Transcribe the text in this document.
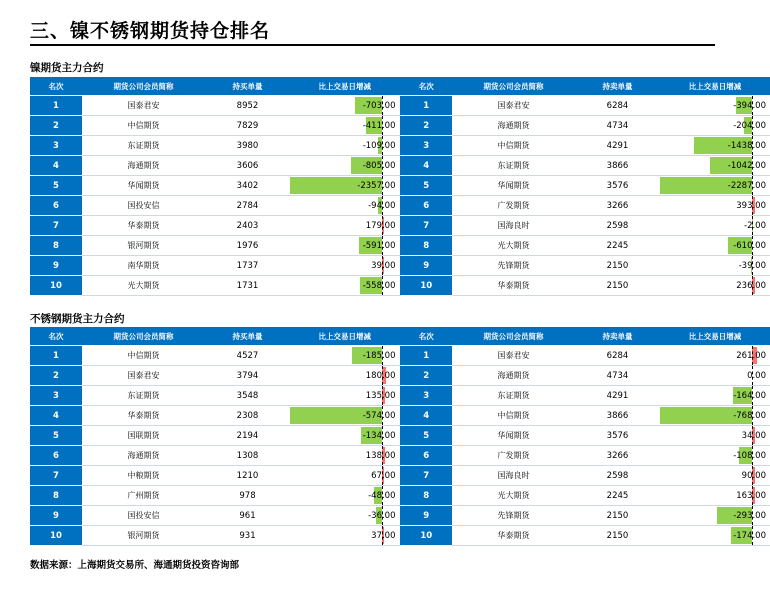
三、镍不锈钢期货持仓排名
镍期货主力合约
名次	期货公司会员简称	持买单量	比上交易日增减	名次	期货公司会员简称	持卖单量	比上交易日增减
1	国泰君安	8952	-703.00	1	国泰君安	6284	-394.00
2	中信期货	7829	-411.00	2	海通期货	4734	-204.00
3	东证期货	3980	-109.00	3	中信期货	4291	-1438.00
4	海通期货	3606	-805.00	4	东证期货	3866	-1042.00
5	华闻期货	3402	-2357.00	5	华闻期货	3576	-2287.00
6	国投安信	2784	-94.00	6	广发期货	3266	393.00
7	华泰期货	2403	179.00	7	国海良时	2598	-2.00
8	银河期货	1976	-591.00	8	光大期货	2245	-610.00
9	南华期货	1737	39.00	9	先锋期货	2150	-39.00
10	光大期货	1731	-558.00	10	华泰期货	2150	236.00
不锈钢期货主力合约
名次	期货公司会员简称	持买单量	比上交易日增减	名次	期货公司会员简称	持卖单量	比上交易日增减
1	中信期货	4527	-185.00	1	国泰君安	6284	261.00
2	国泰君安	3794	180.00	2	海通期货	4734	0.00
3	东证期货	3548	135.00	3	东证期货	4291	-164.00
4	华泰期货	2308	-574.00	4	中信期货	3866	-768.00
5	国联期货	2194	-134.00	5	华闻期货	3576	34.00
6	海通期货	1308	138.00	6	广发期货	3266	-108.00
7	中粮期货	1210	67.00	7	国海良时	2598	90.00
8	广州期货	978	-48.00	8	光大期货	2245	163.00
9	国投安信	961	-36.00	9	先锋期货	2150	-293.00
10	银河期货	931	37.00	10	华泰期货	2150	-174.00
数据来源：上海期货交易所、海通期货投资咨询部
